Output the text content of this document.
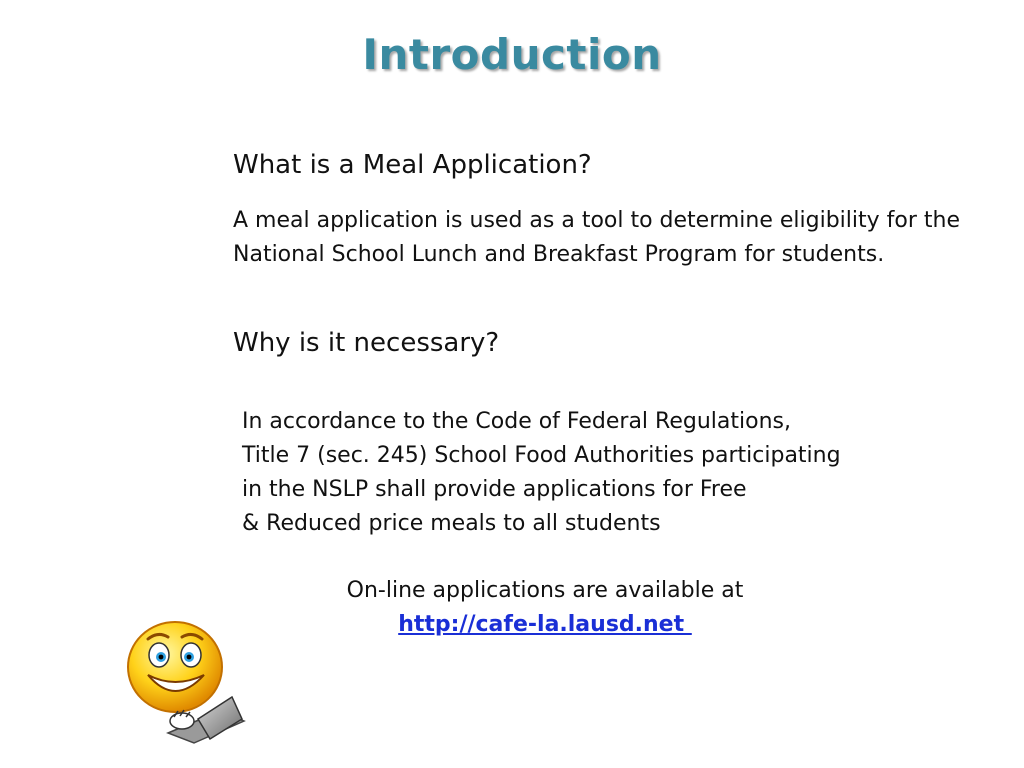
Introduction
What is a Meal Application?
A meal application is used as a tool to determine eligibility for the National School Lunch and Breakfast Program for students.
Why is it necessary?
In accordance to the Code of Federal Regulations,
Title 7 (sec. 245) School Food Authorities participating
in the NSLP shall provide applications for Free
& Reduced price meals to all students
On-line applications are available at
http://cafe-la.lausd.net
